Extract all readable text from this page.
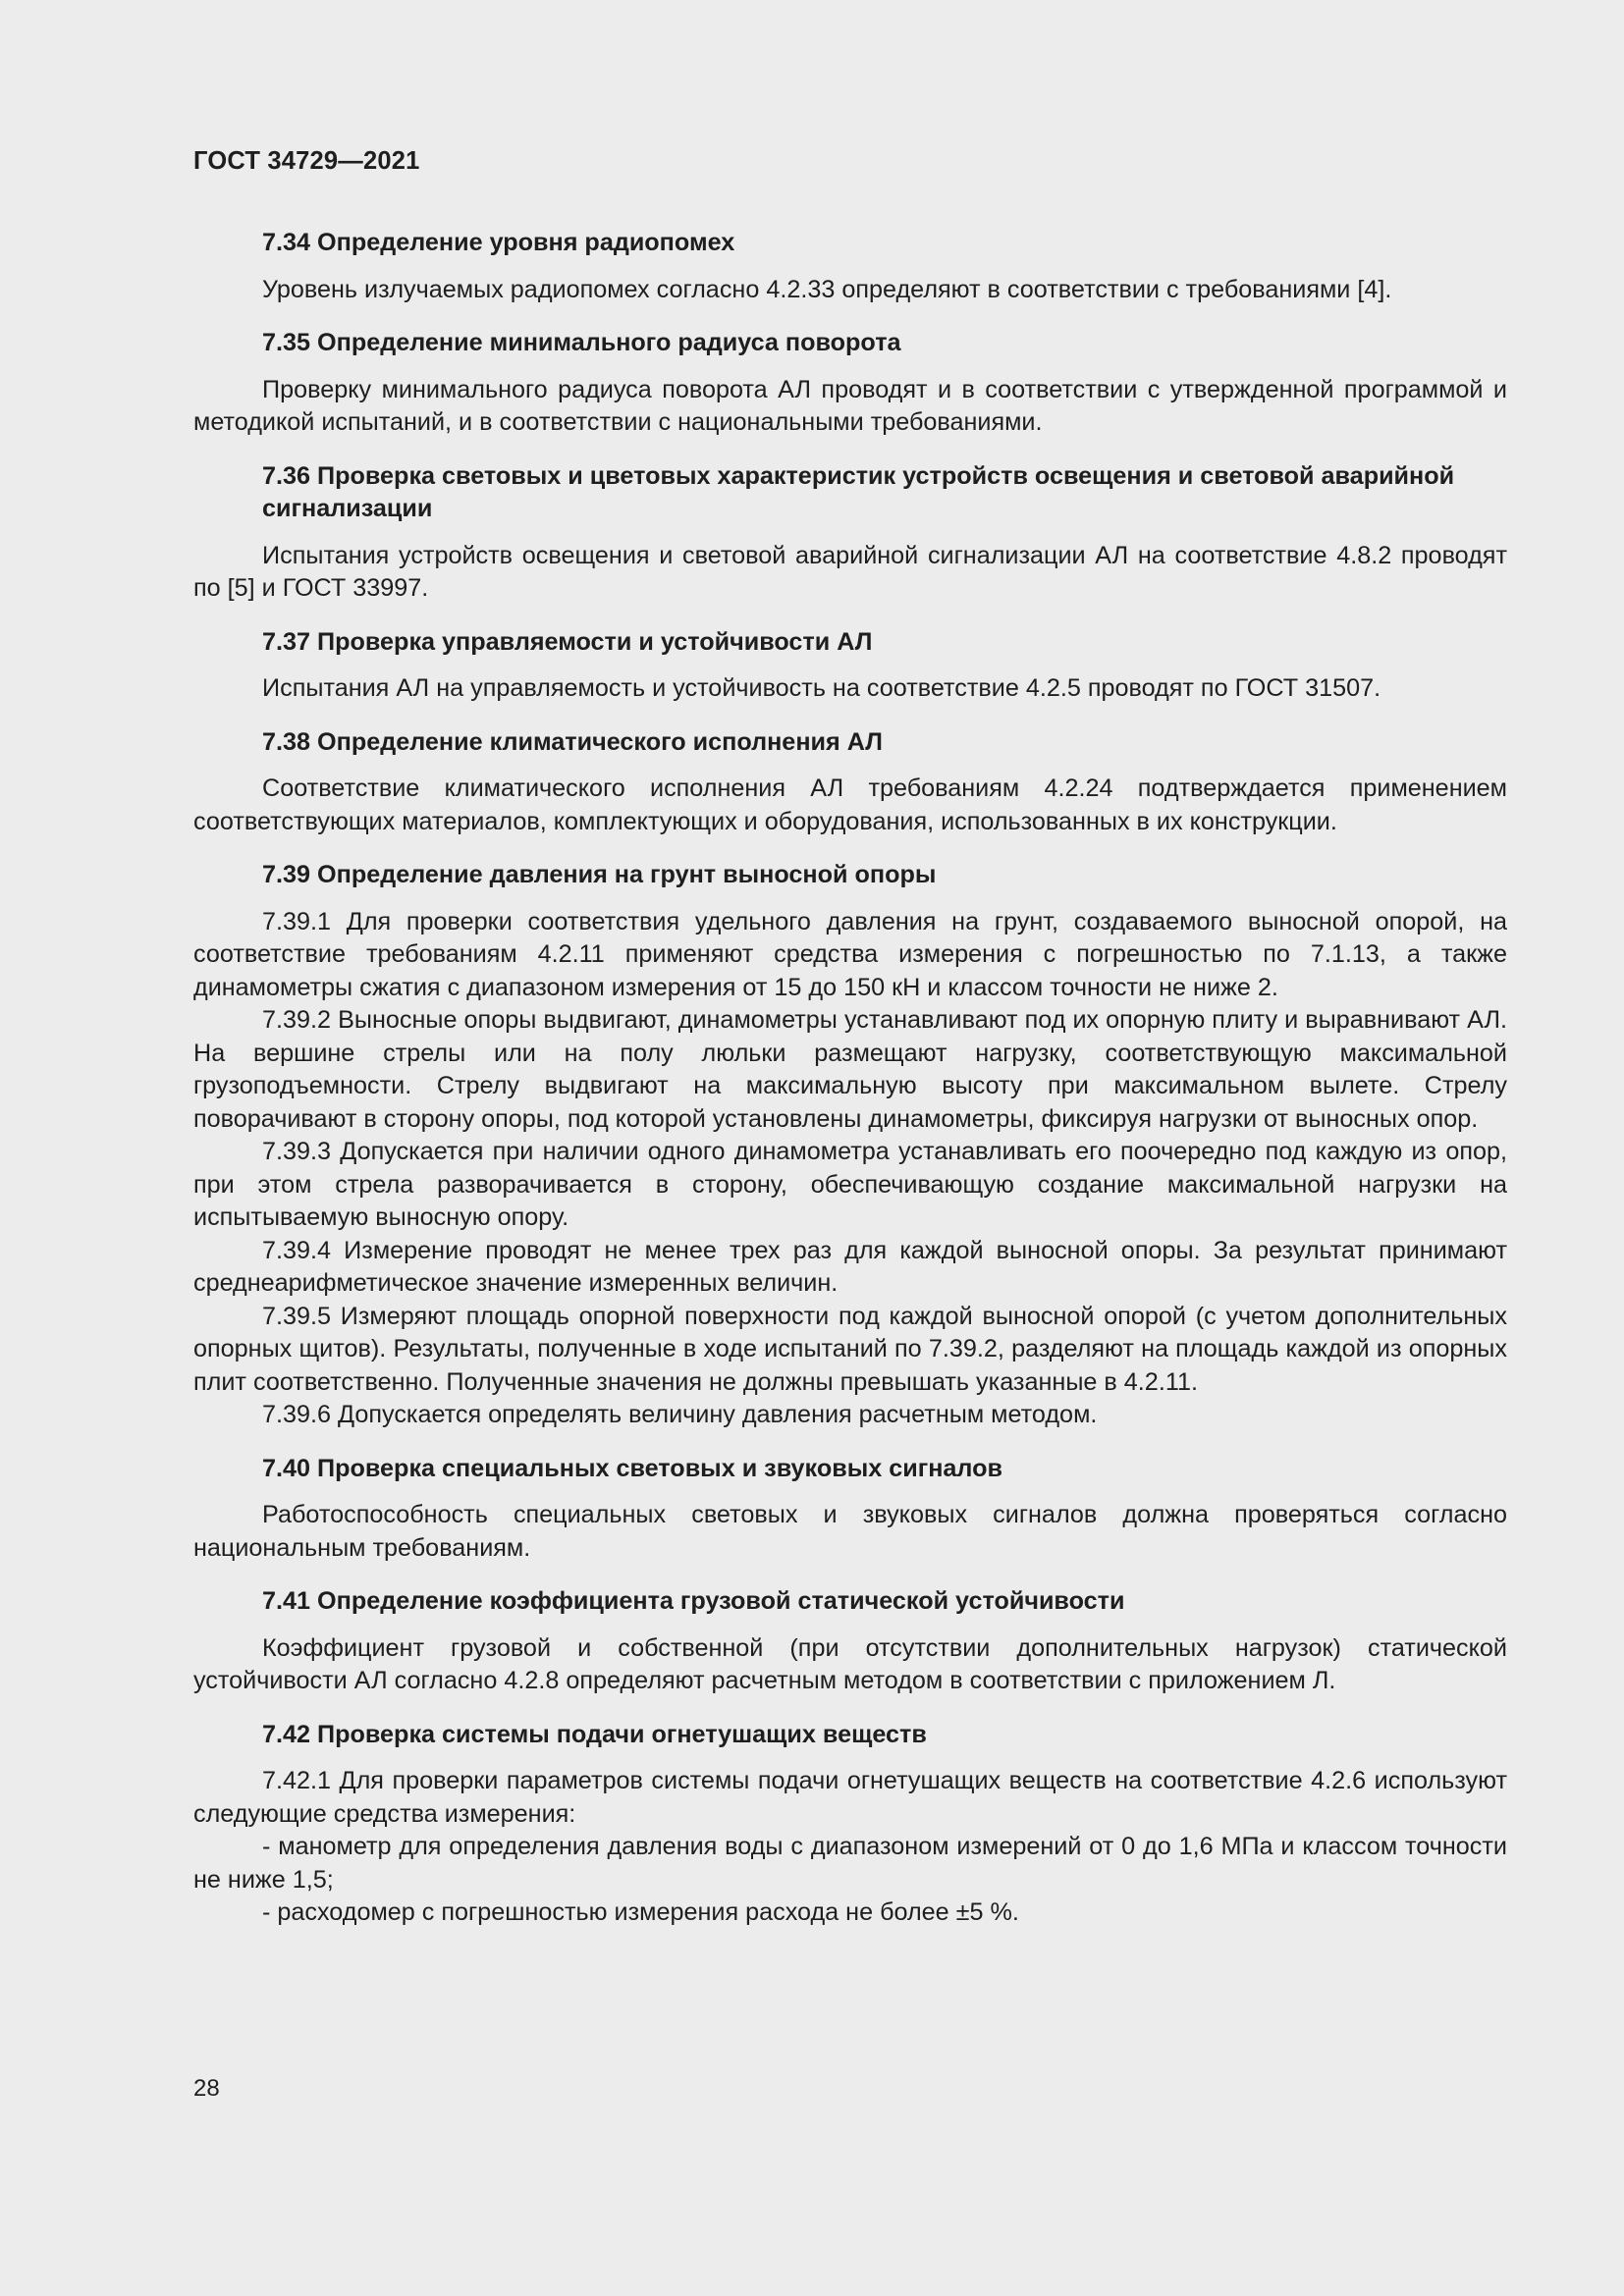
ГОСТ 34729—2021
7.34 Определение уровня радиопомех

Уровень излучаемых радиопомех согласно 4.2.33 определяют в соответствии с требованиями [4].

7.35 Определение минимального радиуса поворота

Проверку минимального радиуса поворота АЛ проводят и в соответствии с утвержденной программой и методикой испытаний, и в соответствии с национальными требованиями.

7.36 Проверка световых и цветовых характеристик устройств освещения и световой аварийной сигнализации

Испытания устройств освещения и световой аварийной сигнализации АЛ на соответствие 4.8.2 проводят по [5] и ГОСТ 33997.

7.37 Проверка управляемости и устойчивости АЛ

Испытания АЛ на управляемость и устойчивость на соответствие 4.2.5 проводят по ГОСТ 31507.

7.38 Определение климатического исполнения АЛ

Соответствие климатического исполнения АЛ требованиям 4.2.24 подтверждается применением соответствующих материалов, комплектующих и оборудования, использованных в их конструкции.

7.39 Определение давления на грунт выносной опоры

7.39.1 Для проверки соответствия удельного давления на грунт, создаваемого выносной опорой, на соответствие требованиям 4.2.11 применяют средства измерения с погрешностью по 7.1.13, а также динамометры сжатия с диапазоном измерения от 15 до 150 кН и классом точности не ниже 2.

7.39.2 Выносные опоры выдвигают, динамометры устанавливают под их опорную плиту и выравнивают АЛ. На вершине стрелы или на полу люльки размещают нагрузку, соответствующую максимальной грузоподъемности. Стрелу выдвигают на максимальную высоту при максимальном вылете. Стрелу поворачивают в сторону опоры, под которой установлены динамометры, фиксируя нагрузки от выносных опор.

7.39.3 Допускается при наличии одного динамометра устанавливать его поочередно под каждую из опор, при этом стрела разворачивается в сторону, обеспечивающую создание максимальной нагрузки на испытываемую выносную опору.

7.39.4 Измерение проводят не менее трех раз для каждой выносной опоры. За результат принимают среднеарифметическое значение измеренных величин.

7.39.5 Измеряют площадь опорной поверхности под каждой выносной опорой (с учетом дополнительных опорных щитов). Результаты, полученные в ходе испытаний по 7.39.2, разделяют на площадь каждой из опорных плит соответственно. Полученные значения не должны превышать указанные в 4.2.11.

7.39.6 Допускается определять величину давления расчетным методом.

7.40 Проверка специальных световых и звуковых сигналов

Работоспособность специальных световых и звуковых сигналов должна проверяться согласно национальным требованиям.

7.41 Определение коэффициента грузовой статической устойчивости

Коэффициент грузовой и собственной (при отсутствии дополнительных нагрузок) статической устойчивости АЛ согласно 4.2.8 определяют расчетным методом в соответствии с приложением Л.

7.42 Проверка системы подачи огнетушащих веществ

7.42.1 Для проверки параметров системы подачи огнетушащих веществ на соответствие 4.2.6 используют следующие средства измерения:

- манометр для определения давления воды с диапазоном измерений от 0 до 1,6 МПа и классом точности не ниже 1,5;

- расходомер с погрешностью измерения расхода не более ±5 %.

28
